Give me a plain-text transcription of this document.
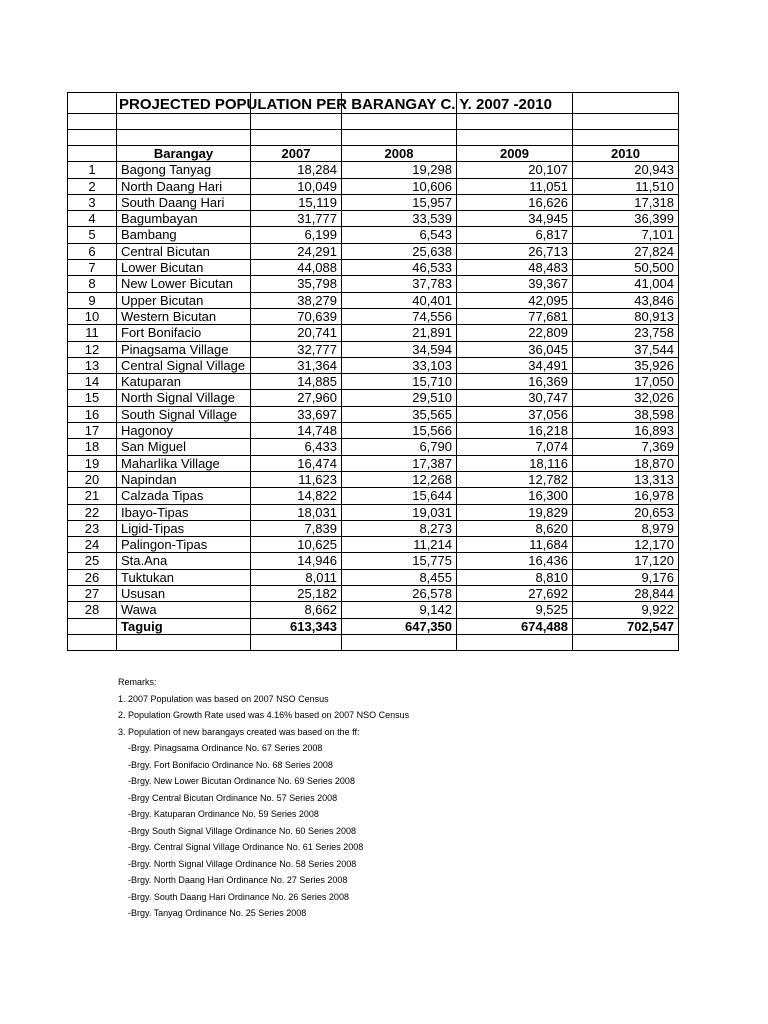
PROJECTED POPULATION PER BARANGAY C. Y. 2007 -2010					

	Barangay	2007	2008	2009	2010
1	Bagong Tanyag	18,284	19,298	20,107	20,943
2	North Daang Hari	10,049	10,606	11,051	11,510
3	South Daang Hari	15,119	15,957	16,626	17,318
4	Bagumbayan	31,777	33,539	34,945	36,399
5	Bambang	6,199	6,543	6,817	7,101
6	Central Bicutan	24,291	25,638	26,713	27,824
7	Lower Bicutan	44,088	46,533	48,483	50,500
8	New Lower Bicutan	35,798	37,783	39,367	41,004
9	Upper Bicutan	38,279	40,401	42,095	43,846
10	Western Bicutan	70,639	74,556	77,681	80,913
11	Fort Bonifacio	20,741	21,891	22,809	23,758
12	Pinagsama Village	32,777	34,594	36,045	37,544
13	Central Signal Village	31,364	33,103	34,491	35,926
14	Katuparan	14,885	15,710	16,369	17,050
15	North Signal Village	27,960	29,510	30,747	32,026
16	South Signal Village	33,697	35,565	37,056	38,598
17	Hagonoy	14,748	15,566	16,218	16,893
18	San Miguel	6,433	6,790	7,074	7,369
19	Maharlika Village	16,474	17,387	18,116	18,870
20	Napindan	11,623	12,268	12,782	13,313
21	Calzada Tipas	14,822	15,644	16,300	16,978
22	Ibayo-Tipas	18,031	19,031	19,829	20,653
23	Ligid-Tipas	7,839	8,273	8,620	8,979
24	Palingon-Tipas	10,625	11,214	11,684	12,170
25	Sta.Ana	14,946	15,775	16,436	17,120
26	Tuktukan	8,011	8,455	8,810	9,176
27	Ususan	25,182	26,578	27,692	28,844
28	Wawa	8,662	9,142	9,525	9,922
	Taguig	613,343	647,350	674,488	702,547

Remarks:
1. 2007 Population was based on 2007 NSO Census
2. Population Growth Rate used was 4.16% based on 2007 NSO Census
3. Population of new barangays created was based on the ff:
-Brgy. Pinagsama Ordinance No. 67 Series 2008
-Brgy. Fort Bonifacio Ordinance No. 68 Series 2008
-Brgy. New Lower Bicutan Ordinance No. 69 Series 2008
-Brgy Central Bicutan Ordinance No. 57 Series 2008
-Brgy. Katuparan Ordinance No. 59 Series 2008
-Brgy South Signal Village Ordinance No. 60 Series 2008
-Brgy. Central Signal Village Ordinance No. 61 Series 2008
-Brgy. North Signal Village Ordinance No. 58 Series 2008
-Brgy. North Daang Hari Ordinance No. 27 Series 2008
-Brgy. South Daang Hari Ordinance No. 26 Series 2008
-Brgy. Tanyag Ordinance No. 25 Series 2008
